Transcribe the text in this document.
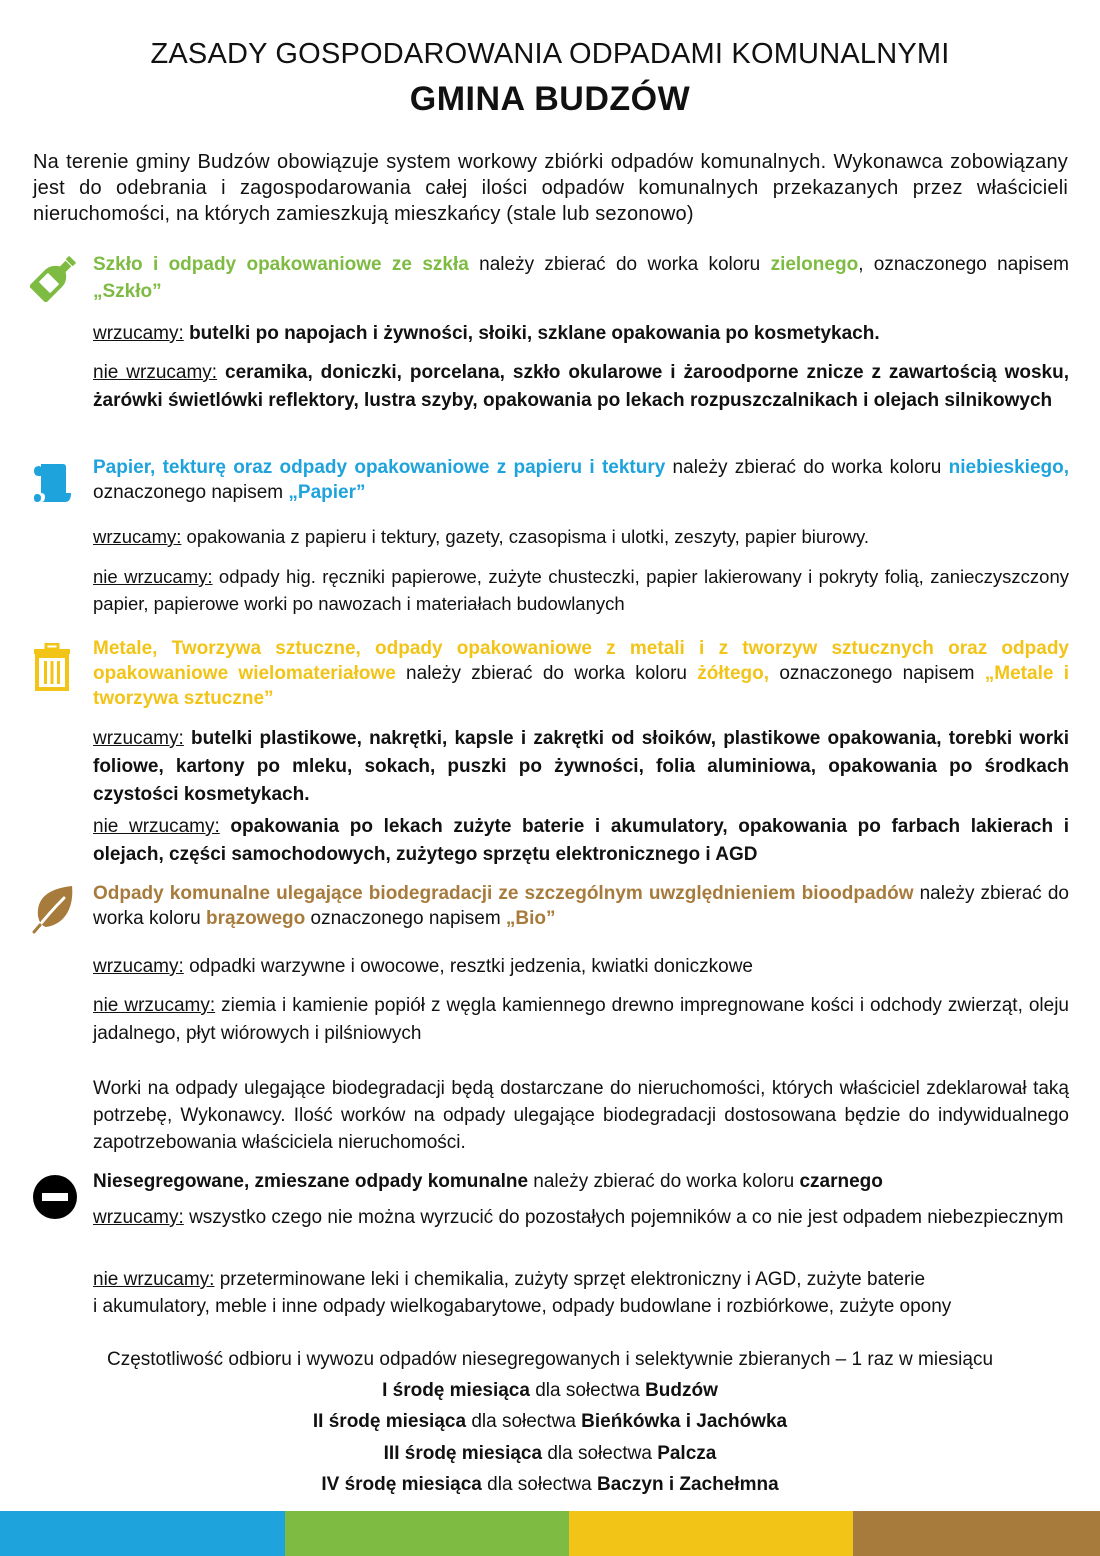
ZASADY GOSPODAROWANIA ODPADAMI KOMUNALNYMI
GMINA BUDZÓW
Na terenie gminy Budzów obowiązuje system workowy zbiórki odpadów komunalnych. Wykonawca zobowiązany jest do odebrania i zagospodarowania całej ilości odpadów komunalnych przekazanych przez właścicieli nieruchomości, na których zamieszkują mieszkańcy (stale lub sezonowo)
Szkło i odpady opakowaniowe ze szkła należy zbierać do worka koloru zielonego, oznaczonego napisem „Szkło”
wrzucamy: butelki po napojach i żywności, słoiki, szklane opakowania po kosmetykach.
nie wrzucamy: ceramika, doniczki, porcelana, szkło okularowe i żaroodporne znicze z zawartością wosku, żarówki świetlówki reflektory, lustra szyby, opakowania po lekach rozpuszczalnikach i olejach silnikowych
Papier, tekturę oraz odpady opakowaniowe z papieru i tektury należy zbierać do worka koloru niebieskiego, oznaczonego napisem „Papier”
wrzucamy: opakowania z papieru i tektury, gazety, czasopisma i ulotki, zeszyty, papier biurowy.
nie wrzucamy: odpady hig. ręczniki papierowe, zużyte chusteczki, papier lakierowany i pokryty folią, zanieczyszczony papier, papierowe worki po nawozach i materiałach budowlanych
Metale, Tworzywa sztuczne, odpady opakowaniowe z metali i z tworzyw sztucznych oraz odpady opakowaniowe wielomateriałowe należy zbierać do worka koloru żółtego, oznaczonego napisem „Metale i tworzywa sztuczne”
wrzucamy: butelki plastikowe, nakrętki, kapsle i zakrętki od słoików, plastikowe opakowania, torebki worki foliowe, kartony po mleku, sokach, puszki po żywności, folia aluminiowa, opakowania po środkach czystości kosmetykach.
nie wrzucamy: opakowania po lekach zużyte baterie i akumulatory, opakowania po farbach lakierach i olejach, części samochodowych, zużytego sprzętu elektronicznego i AGD
Odpady komunalne ulegające biodegradacji ze szczególnym uwzględnieniem bioodpadów należy zbierać do worka koloru brązowego oznaczonego napisem „Bio”
wrzucamy: odpadki warzywne i owocowe, resztki jedzenia, kwiatki doniczkowe
nie wrzucamy: ziemia i kamienie popiół z węgla kamiennego drewno impregnowane kości i odchody zwierząt, oleju jadalnego, płyt wiórowych i pilśniowych
Worki na odpady ulegające biodegradacji będą dostarczane do nieruchomości, których właściciel zdeklarował taką potrzebę, Wykonawcy. Ilość worków na odpady ulegające biodegradacji dostosowana będzie do indywidualnego zapotrzebowania właściciela nieruchomości.
Niesegregowane, zmieszane odpady komunalne należy zbierać do worka koloru czarnego
wrzucamy: wszystko czego nie można wyrzucić do pozostałych pojemników a co nie jest odpadem niebezpiecznym
nie wrzucamy: przeterminowane leki i chemikalia, zużyty sprzęt elektroniczny i AGD, zużyte baterie
i akumulatory, meble i inne odpady wielkogabarytowe, odpady budowlane i rozbiórkowe, zużyte opony
Częstotliwość odbioru i wywozu odpadów niesegregowanych i selektywnie zbieranych – 1 raz w miesiącu
I środę miesiąca dla sołectwa Budzów
II środę miesiąca dla sołectwa Bieńkówka i Jachówka
III środę miesiąca dla sołectwa Palcza
IV środę miesiąca dla sołectwa Baczyn i Zachełmna
